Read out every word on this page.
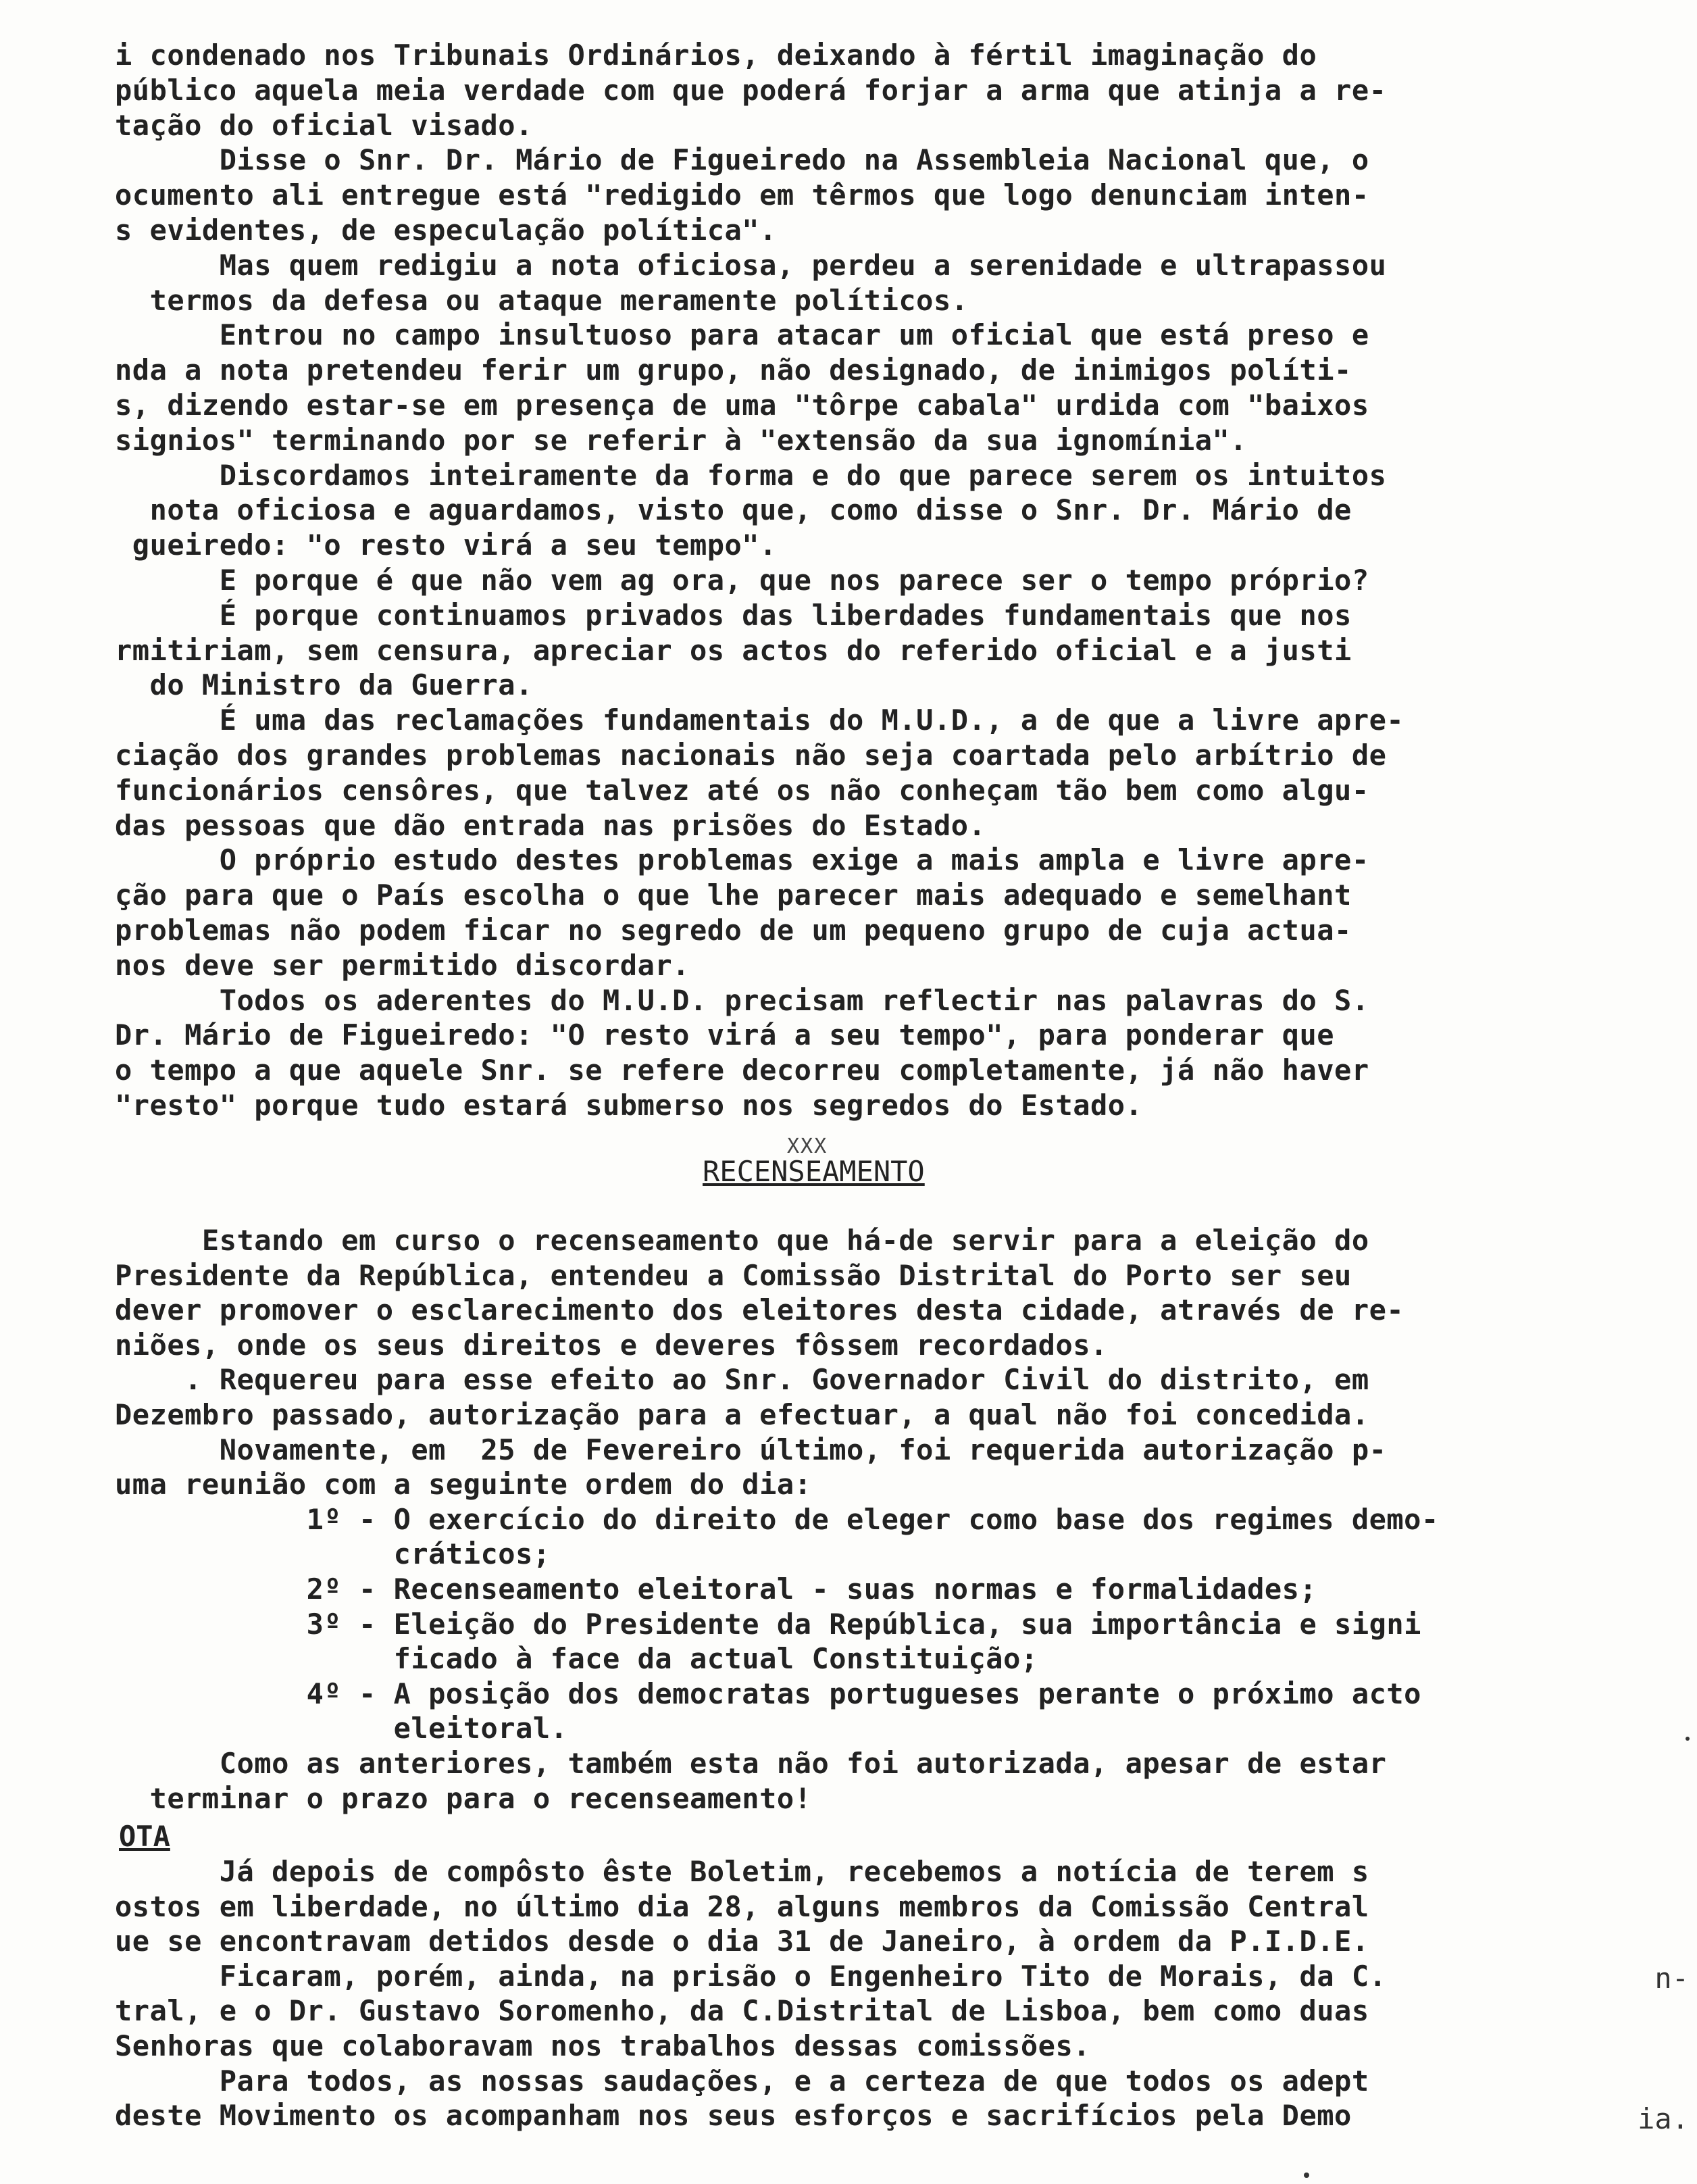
i condenado nos Tribunais Ordinários, deixando à fértil imaginação do
público aquela meia verdade com que poderá forjar a arma que atinja a re-
tação do oficial visado.
Disse o Snr. Dr. Mário de Figueiredo na Assembleia Nacional que, o
ocumento ali entregue está "redigido em têrmos que logo denunciam inten-
s evidentes, de especulação política".
Mas quem redigiu a nota oficiosa, perdeu a serenidade e ultrapassou
termos da defesa ou ataque meramente políticos.
Entrou no campo insultuoso para atacar um oficial que está preso e
nda a nota pretendeu ferir um grupo, não designado, de inimigos políti-
s, dizendo estar-se em presença de uma "tôrpe cabala" urdida com "baixos
signios" terminando por se referir à "extensão da sua ignomínia".
Discordamos inteiramente da forma e do que parece serem os intuitos
nota oficiosa e aguardamos, visto que, como disse o Snr. Dr. Mário de
gueiredo: "o resto virá a seu tempo".
E porque é que não vem ag ora, que nos parece ser o tempo próprio?
É porque continuamos privados das liberdades fundamentais que nos
rmitiriam, sem censura, apreciar os actos do referido oficial e a justi
do Ministro da Guerra.
É uma das reclamações fundamentais do M.U.D., a de que a livre apre-
ciação dos grandes problemas nacionais não seja coartada pelo arbítrio de
funcionários censôres, que talvez até os não conheçam tão bem como algu-
das pessoas que dão entrada nas prisões do Estado.
O próprio estudo destes problemas exige a mais ampla e livre apre-
ção para que o País escolha o que lhe parecer mais adequado e semelhant
problemas não podem ficar no segredo de um pequeno grupo de cuja actua-
nos deve ser permitido discordar.
Todos os aderentes do M.U.D. precisam reflectir nas palavras do S.
Dr. Mário de Figueiredo: "O resto virá a seu tempo", para ponderar que
o tempo a que aquele Snr. se refere decorreu completamente, já não haver
"resto" porque tudo estará submerso nos segredos do Estado.
XXX
RECENSEAMENTO
Estando em curso o recenseamento que há-de servir para a eleição do
Presidente da República, entendeu a Comissão Distrital do Porto ser seu
dever promover o esclarecimento dos eleitores desta cidade, através de re-
niões, onde os seus direitos e deveres fôssem recordados.
. Requereu para esse efeito ao Snr. Governador Civil do distrito, em
Dezembro passado, autorização para a efectuar, a qual não foi concedida.
Novamente, em  25 de Fevereiro último, foi requerida autorização p-
uma reunião com a seguinte ordem do dia:
1º - O exercício do direito de eleger como base dos regimes demo-
cráticos;
2º - Recenseamento eleitoral - suas normas e formalidades;
3º - Eleição do Presidente da República, sua importância e signi
ficado à face da actual Constituição;
4º - A posição dos democratas portugueses perante o próximo acto
eleitoral.
Como as anteriores, também esta não foi autorizada, apesar de estar
terminar o prazo para o recenseamento!
OTA
Já depois de compôsto êste Boletim, recebemos a notícia de terem s
ostos em liberdade, no último dia 28, alguns membros da Comissão Central
ue se encontravam detidos desde o dia 31 de Janeiro, à ordem da P.I.D.E.
Ficaram, porém, ainda, na prisão o Engenheiro Tito de Morais, da C.
tral, e o Dr. Gustavo Soromenho, da C.Distrital de Lisboa, bem como duas
Senhoras que colaboravam nos trabalhos dessas comissões.
Para todos, as nossas saudações, e a certeza de que todos os adept
deste Movimento os acompanham nos seus esforços e sacrifícios pela Demo
n-
ia.
